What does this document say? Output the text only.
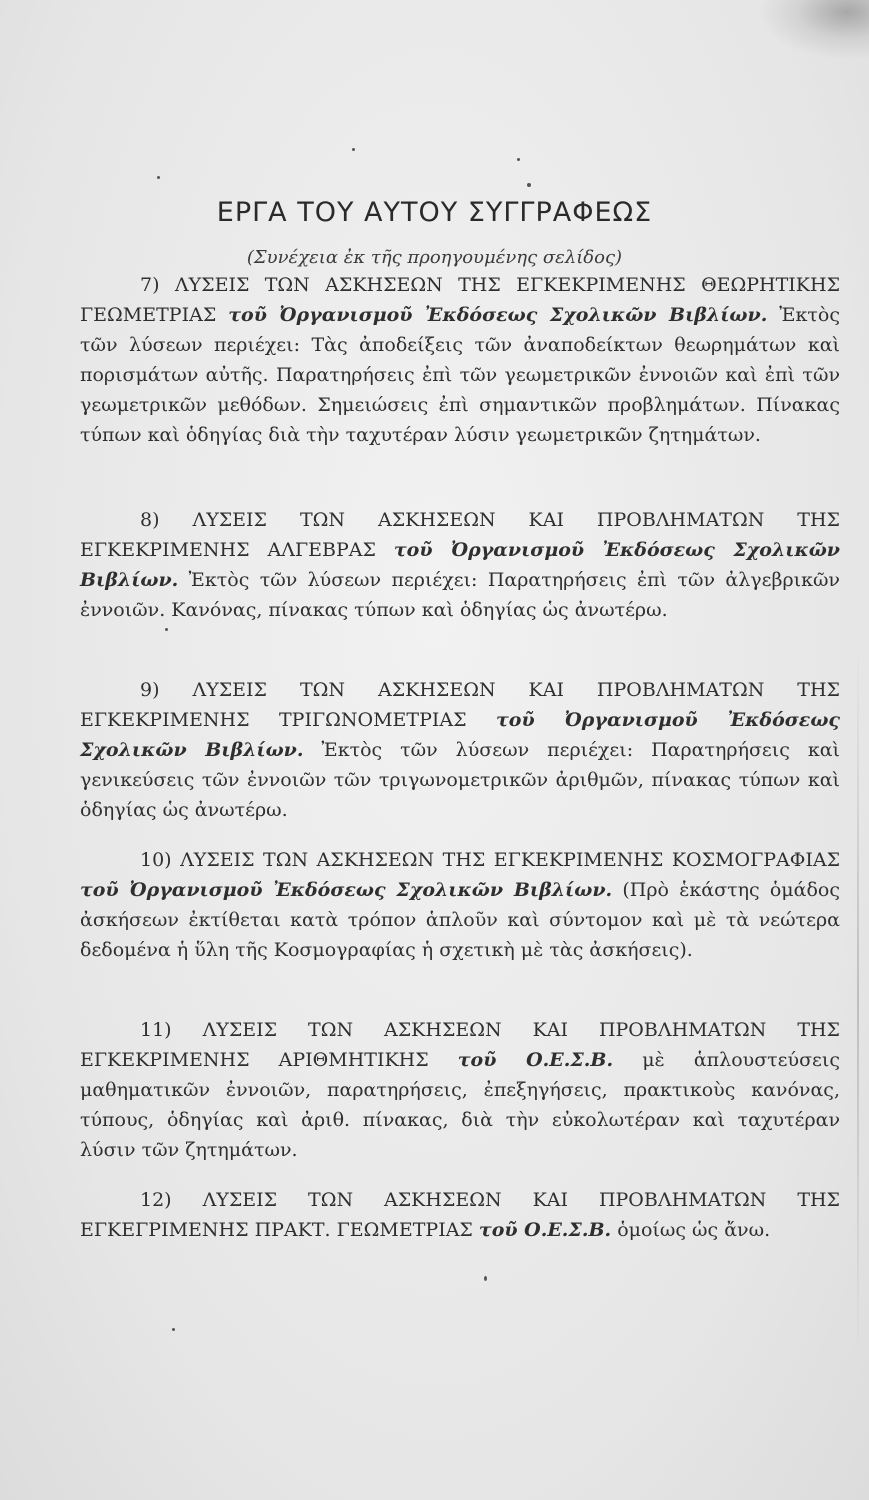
ΕΡΓΑ ΤΟΥ ΑΥΤΟΥ ΣΥΓΓΡΑΦΕΩΣ
(Συνέχεια ἐκ τῆς προηγουμένης σελίδος)
7) ΛΥΣΕΙΣ ΤΩΝ ΑΣΚΗΣΕΩΝ ΤΗΣ ΕΓΚΕΚΡΙΜΕΝΗΣ ΘΕΩΡΗΤΙΚΗΣ ΓΕΩΜΕΤΡΙΑΣ τοῦ Ὀργανισμοῦ Ἐκδόσεως Σχολικῶν Βιβλίων. Ἐκτὸς τῶν λύσεων περιέχει: Τὰς ἀποδείξεις τῶν ἀναποδείκτων θεωρημάτων καὶ πορισμάτων αὐτῆς. Παρατηρήσεις ἐπὶ τῶν γεωμετρικῶν ἐννοιῶν καὶ ἐπὶ τῶν γεωμετρικῶν μεθόδων. Σημειώσεις ἐπὶ σημαντικῶν προβλημάτων. Πίνακας τύπων καὶ ὁδηγίας διὰ τὴν ταχυτέραν λύσιν γεωμετρικῶν ζητημάτων.
8) ΛΥΣΕΙΣ ΤΩΝ ΑΣΚΗΣΕΩΝ ΚΑΙ ΠΡΟΒΛΗΜΑΤΩΝ ΤΗΣ ΕΓΚΕΚΡΙΜΕΝΗΣ ΑΛΓΕΒΡΑΣ τοῦ Ὀργανισμοῦ Ἐκδόσεως Σχολικῶν Βιβλίων. Ἐκτὸς τῶν λύσεων περιέχει: Παρατηρήσεις ἐπὶ τῶν ἀλγεβρικῶν ἐννοιῶν. Κανόνας, πίνακας τύπων καὶ ὁδηγίας ὡς ἀνωτέρω.
9) ΛΥΣΕΙΣ ΤΩΝ ΑΣΚΗΣΕΩΝ ΚΑΙ ΠΡΟΒΛΗΜΑΤΩΝ ΤΗΣ ΕΓΚΕΚΡΙΜΕΝΗΣ ΤΡΙΓΩΝΟΜΕΤΡΙΑΣ τοῦ Ὀργανισμοῦ Ἐκδόσεως Σχολικῶν Βιβλίων. Ἐκτὸς τῶν λύσεων περιέχει: Παρατηρήσεις καὶ γενικεύσεις τῶν ἐννοιῶν τῶν τριγωνομετρικῶν ἀριθμῶν, πίνακας τύπων καὶ ὁδηγίας ὡς ἀνωτέρω.
10) ΛΥΣΕΙΣ ΤΩΝ ΑΣΚΗΣΕΩΝ ΤΗΣ ΕΓΚΕΚΡΙΜΕΝΗΣ ΚΟΣΜΟΓΡΑΦΙΑΣ τοῦ Ὀργανισμοῦ Ἐκδόσεως Σχολικῶν Βιβλίων. (Πρὸ ἑκάστης ὁμάδος ἀσκήσεων ἐκτίθεται κατὰ τρόπον ἁπλοῦν καὶ σύντομον καὶ μὲ τὰ νεώτερα δεδομένα ἡ ὕλη τῆς Κοσμογραφίας ἡ σχετικὴ μὲ τὰς ἀσκήσεις).
11) ΛΥΣΕΙΣ ΤΩΝ ΑΣΚΗΣΕΩΝ ΚΑΙ ΠΡΟΒΛΗΜΑΤΩΝ ΤΗΣ ΕΓΚΕΚΡΙΜΕΝΗΣ ΑΡΙΘΜΗΤΙΚΗΣ τοῦ Ο.Ε.Σ.Β. μὲ ἁπλουστεύσεις μαθηματικῶν ἐννοιῶν, παρατηρήσεις, ἐπεξηγήσεις, πρακτικοὺς κανόνας, τύπους, ὁδηγίας καὶ ἀριθ. πίνακας, διὰ τὴν εὐκολωτέραν καὶ ταχυτέραν λύσιν τῶν ζητημάτων.
12) ΛΥΣΕΙΣ ΤΩΝ ΑΣΚΗΣΕΩΝ ΚΑΙ ΠΡΟΒΛΗΜΑΤΩΝ ΤΗΣ ΕΓΚΕΓΡΙΜΕΝΗΣ ΠΡΑΚΤ. ΓΕΩΜΕΤΡΙΑΣ τοῦ Ο.Ε.Σ.Β. ὁμοίως ὡς ἄνω.
